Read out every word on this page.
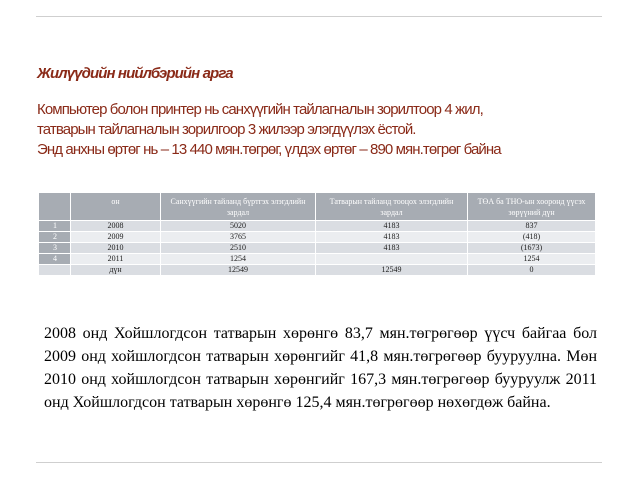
Жилүүдийн нийлбэрийн арга

Компьютер болон принтер нь санхүүгийн тайлагналын зорилтоор 4 жил,

татварын тайлагналын зорилгоор 3 жилээр элэгдүүлэх ёстой.

Энд анхны өртөг нь – 13 440 мян.төгрөг, үлдэх өртөг – 890 мян.төгрөг байна

	он	Санхүүгийн тайланд бүртгэх элэгдлийн зардал	Татварын тайланд тооцох элэгдлийн зардал	ТӨА ба ТНО-ын хооронд үүсэх зөрүүний дүн
1	2008	5020	4183	837
2	2009	3765	4183	(418)
3	2010	2510	4183	(1673)
4	2011	1254		1254
	дүн	12549	12549	0

2008 онд Хойшлогдсон татварын хөрөнгө 83,7 мян.төгрөгөөр үүсч байгаа бол 2009 онд хойшлогдсон татварын хөрөнгийг 41,8 мян.төгрөгөөр бууруулна. Мөн 2010 онд хойшлогдсон татварын хөрөнгийг 167,3 мян.төгрөгөөр бууруулж 2011 онд Хойшлогдсон татварын хөрөнгө 125,4 мян.төгрөгөөр нөхөгдөж байна.
